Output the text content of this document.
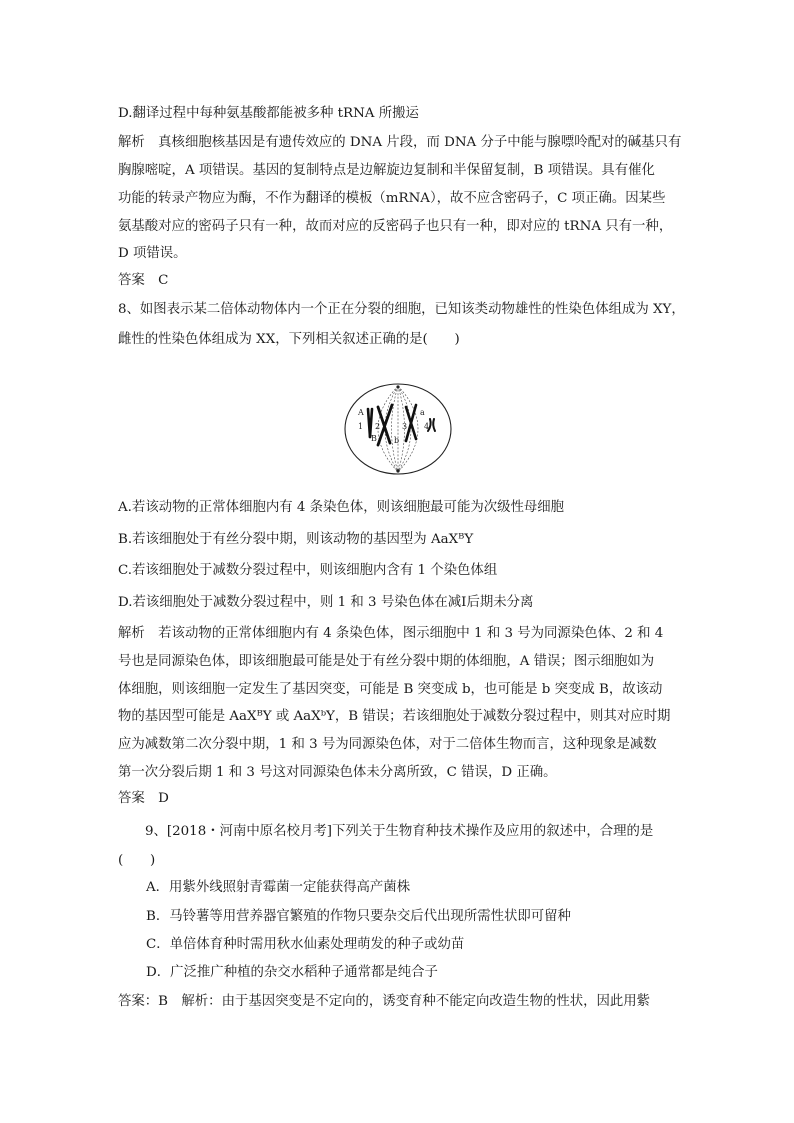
D.翻译过程中每种氨基酸都能被多种 tRNA 所搬运
解析　真核细胞核基因是有遗传效应的 DNA 片段，而 DNA 分子中能与腺嘌呤配对的碱基只有
胸腺嘧啶，A 项错误。基因的复制特点是边解旋边复制和半保留复制，B 项错误。具有催化
功能的转录产物应为酶，不作为翻译的模板（mRNA），故不应含密码子，C 项正确。因某些
氨基酸对应的密码子只有一种，故而对应的反密码子也只有一种，即对应的 tRNA 只有一种，
D 项错误。
答案　C
8、如图表示某二倍体动物体内一个正在分裂的细胞，已知该类动物雄性的性染色体组成为 XY，
雌性的性染色体组成为 XX，下列相关叙述正确的是(　　)
A
1 2
B b
3
a
4
A.若该动物的正常体细胞内有 4 条染色体，则该细胞最可能为次级性母细胞
B.若该细胞处于有丝分裂中期，则该动物的基因型为 AaXᴮY
C.若该细胞处于减数分裂过程中，则该细胞内含有 1 个染色体组
D.若该细胞处于减数分裂过程中，则 1 和 3 号染色体在减Ⅰ后期未分离
解析　若该动物的正常体细胞内有 4 条染色体，图示细胞中 1 和 3 号为同源染色体、2 和 4
号也是同源染色体，即该细胞最可能是处于有丝分裂中期的体细胞，A 错误；图示细胞如为
体细胞，则该细胞一定发生了基因突变，可能是 B 突变成 b，也可能是 b 突变成 B，故该动
物的基因型可能是 AaXᴮY 或 AaXᵇY，B 错误；若该细胞处于减数分裂过程中，则其对应时期
应为减数第二次分裂中期，1 和 3 号为同源染色体，对于二倍体生物而言，这种现象是减数
第一次分裂后期 1 和 3 号这对同源染色体未分离所致，C 错误，D 正确。
答案　D
9、[2018・河南中原名校月考]下列关于生物育种技术操作及应用的叙述中，合理的是
(　　)
A．用紫外线照射青霉菌一定能获得高产菌株
B．马铃薯等用营养器官繁殖的作物只要杂交后代出现所需性状即可留种
C．单倍体育种时需用秋水仙素处理萌发的种子或幼苗
D．广泛推广种植的杂交水稻种子通常都是纯合子
答案：B　解析：由于基因突变是不定向的，诱变育种不能定向改造生物的性状，因此用紫
